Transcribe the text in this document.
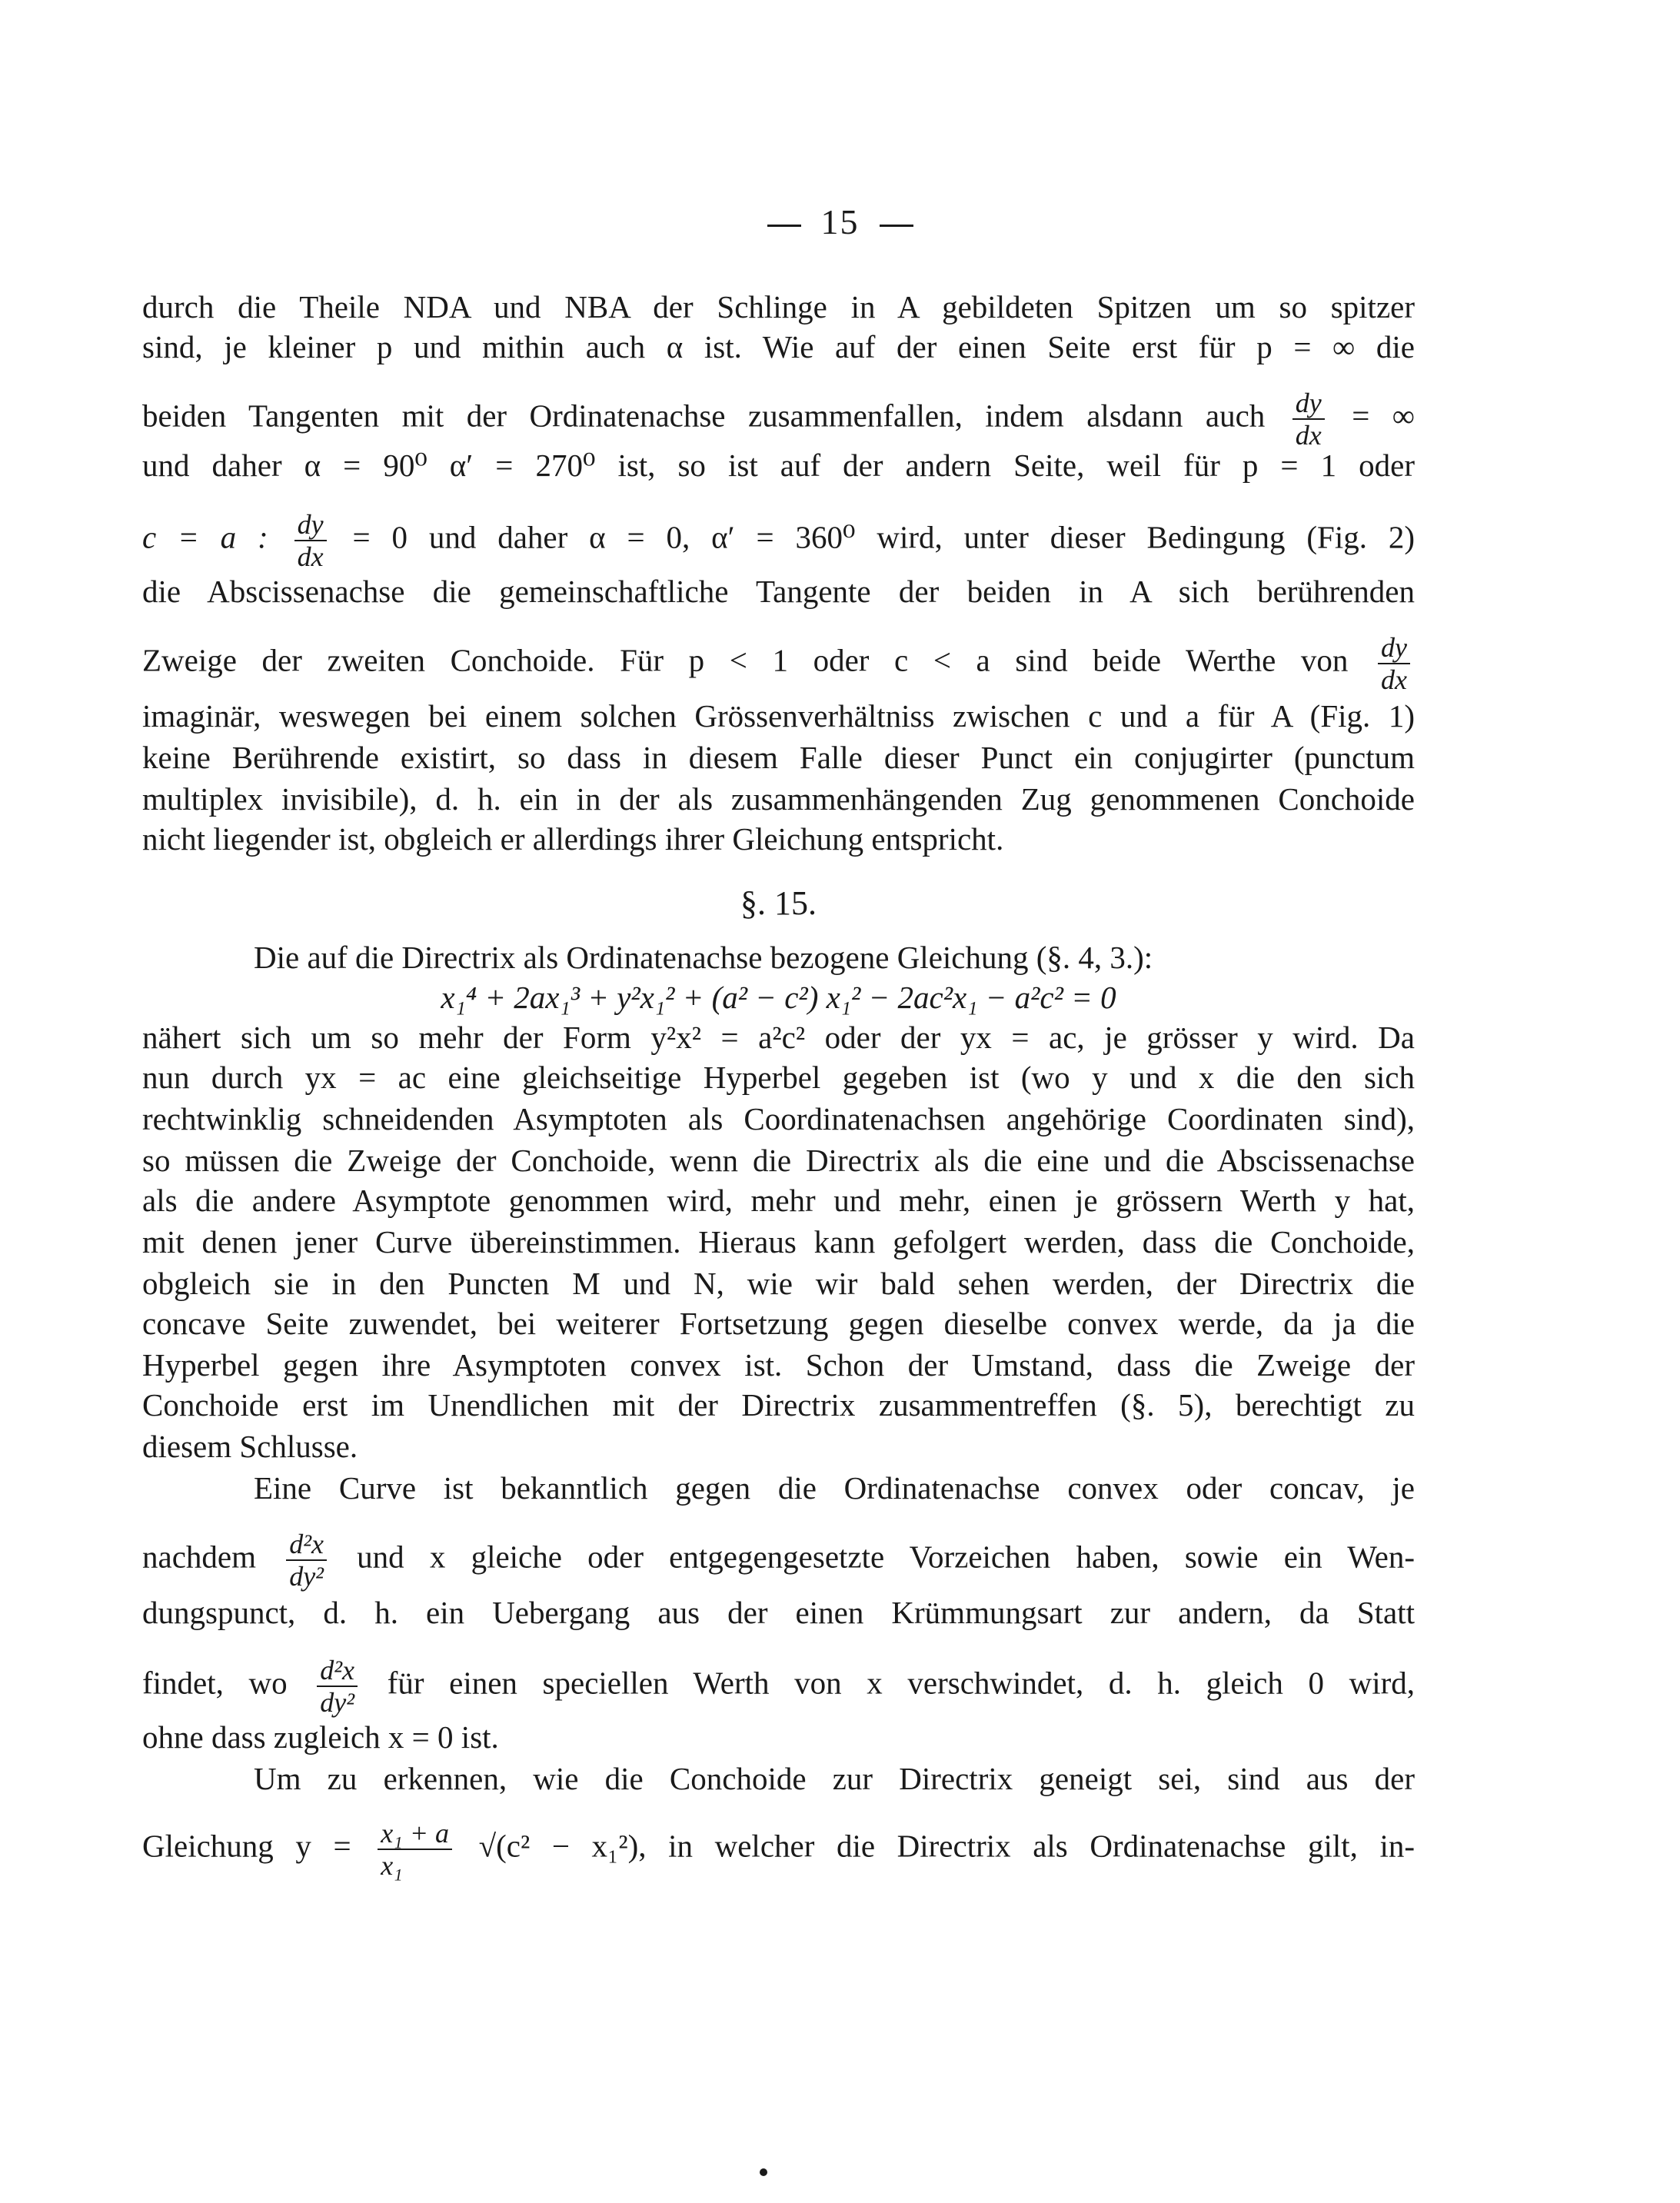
15
durch die Theile NDA und NBA der Schlinge in A gebildeten Spitzen um so spitzer
sind, je kleiner p und mithin auch α ist. Wie auf der einen Seite erst für p = ∞ die
beiden Tangenten mit der Ordinatenachse zusammenfallen, indem alsdann auch $\frac{dy}{dx}$ = ∞
und daher α = 90⁰ α′ = 270⁰ ist, so ist auf der andern Seite, weil für p = 1 oder
c = a : $\frac{dy}{dx} = 0$ und daher α = 0, α′ = 360⁰ wird, unter dieser Bedingung (Fig. 2)
die Abscissenachse die gemeinschaftliche Tangente der beiden in A sich berührenden
Zweige der zweiten Conchoide. Für p < 1 oder c < a sind beide Werthe von $\frac{dy}{dx}$
imaginär, weswegen bei einem solchen Grössenverhältniss zwischen c und a für A (Fig. 1)
keine Berührende existirt, so dass in diesem Falle dieser Punct ein conjugirter (punctum
multiplex invisibile), d. h. ein in der als zusammenhängenden Zug genommenen Conchoide
nicht liegender ist, obgleich er allerdings ihrer Gleichung entspricht.
§. 15.
Die auf die Directrix als Ordinatenachse bezogene Gleichung (§. 4, 3.):
x₁⁴ + 2ax₁³ + y²x₁² + (a² − c²) x₁² − 2ac²x₁ − a²c² = 0
nähert sich um so mehr der Form y²x² = a²c² oder der yx = ac, je grösser y wird. Da
nun durch yx = ac eine gleichseitige Hyperbel gegeben ist (wo y und x die den sich
rechtwinklig schneidenden Asymptoten als Coordinatenachsen angehörige Coordinaten sind),
so müssen die Zweige der Conchoide, wenn die Directrix als die eine und die Abscissenachse
als die andere Asymptote genommen wird, mehr und mehr, einen je grössern Werth y hat,
mit denen jener Curve übereinstimmen. Hieraus kann gefolgert werden, dass die Conchoide,
obgleich sie in den Puncten M und N, wie wir bald sehen werden, der Directrix die
concave Seite zuwendet, bei weiterer Fortsetzung gegen dieselbe convex werde, da ja die
Hyperbel gegen ihre Asymptoten convex ist. Schon der Umstand, dass die Zweige der
Conchoide erst im Unendlichen mit der Directrix zusammentreffen (§. 5), berechtigt zu
diesem Schlusse.
Eine Curve ist bekanntlich gegen die Ordinatenachse convex oder concav, je
nachdem $\frac{\text{d²x}}{\text{dy²}}$ und x gleiche oder entgegengesetzte Vorzeichen haben, sowie ein Wen-
dungspunct, d. h. ein Uebergang aus der einen Krümmungsart zur andern, da Statt
findet, wo $\frac{\text{d²x}}{\text{dy²}}$ für einen speciellen Werth von x verschwindet, d. h. gleich 0 wird,
ohne dass zugleich x = 0 ist.
Um zu erkennen, wie die Conchoide zur Directrix geneigt sei, sind aus der
Gleichung $y = \frac{\text{x₁ + a}}{\text{x₁}} √(c^2 - x_1^2)$, in welcher die Directrix als Ordinatenachse gilt, in-
